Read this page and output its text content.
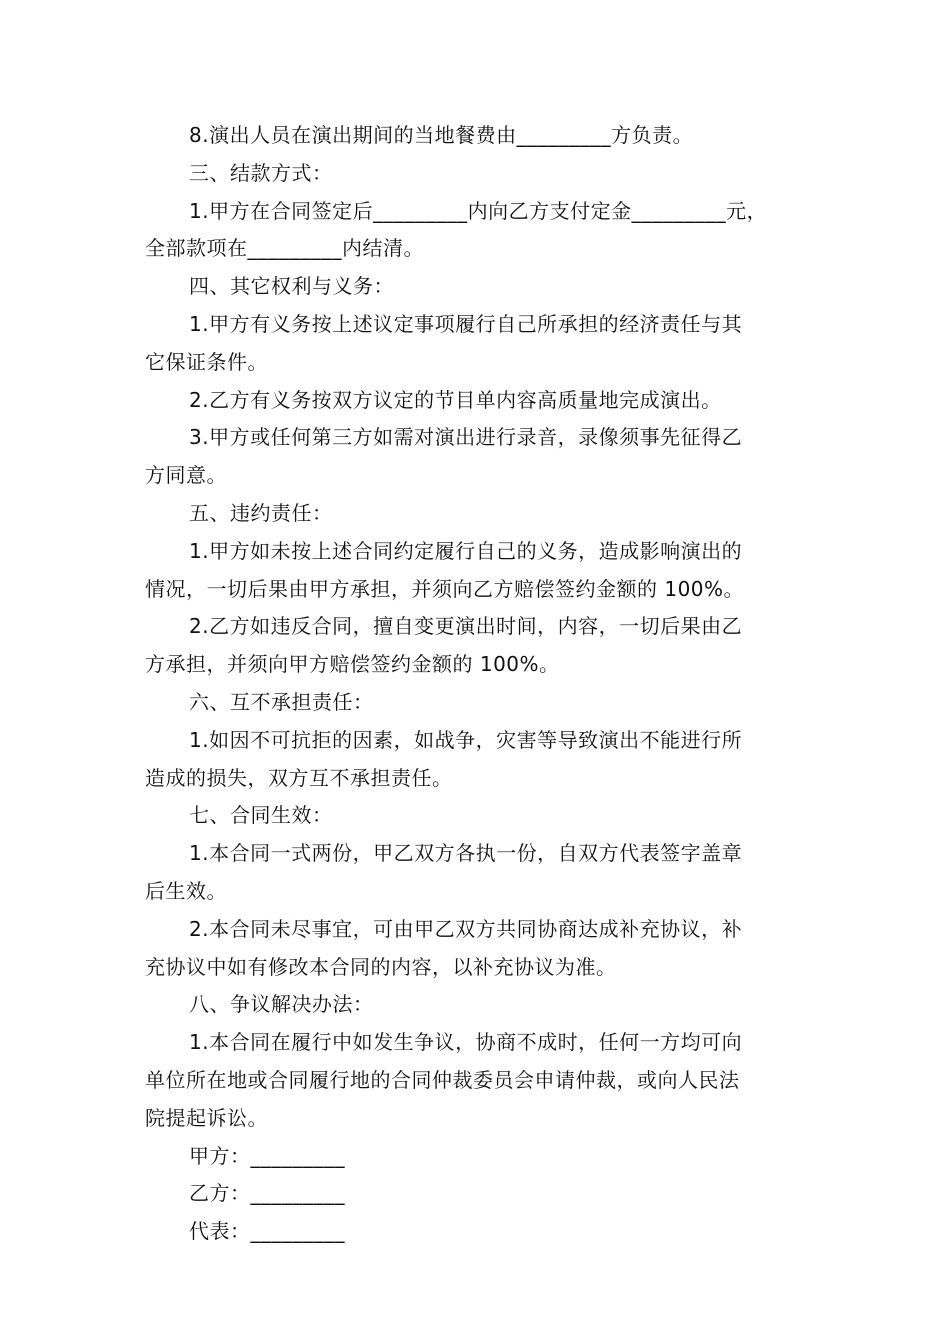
8.演出人员在演出期间的当地餐费由_________方负责。
三、结款方式：
1.甲方在合同签定后_________内向乙方支付定金_________元，
全部款项在_________内结清。
四、其它权利与义务：
1.甲方有义务按上述议定事项履行自己所承担的经济责任与其
它保证条件。
2.乙方有义务按双方议定的节目单内容高质量地完成演出。
3.甲方或任何第三方如需对演出进行录音，录像须事先征得乙
方同意。
五、违约责任：
1.甲方如未按上述合同约定履行自己的义务，造成影响演出的
情况，一切后果由甲方承担，并须向乙方赔偿签约金额的 100%。
2.乙方如违反合同，擅自变更演出时间，内容，一切后果由乙
方承担，并须向甲方赔偿签约金额的 100%。
六、互不承担责任：
1.如因不可抗拒的因素，如战争，灾害等导致演出不能进行所
造成的损失，双方互不承担责任。
七、合同生效：
1.本合同一式两份，甲乙双方各执一份，自双方代表签字盖章
后生效。
2.本合同未尽事宜，可由甲乙双方共同协商达成补充协议，补
充协议中如有修改本合同的内容，以补充协议为准。
八、争议解决办法：
1.本合同在履行中如发生争议，协商不成时，任何一方均可向
单位所在地或合同履行地的合同仲裁委员会申请仲裁，或向人民法
院提起诉讼。
甲方：_________
乙方：_________
代表：_________
